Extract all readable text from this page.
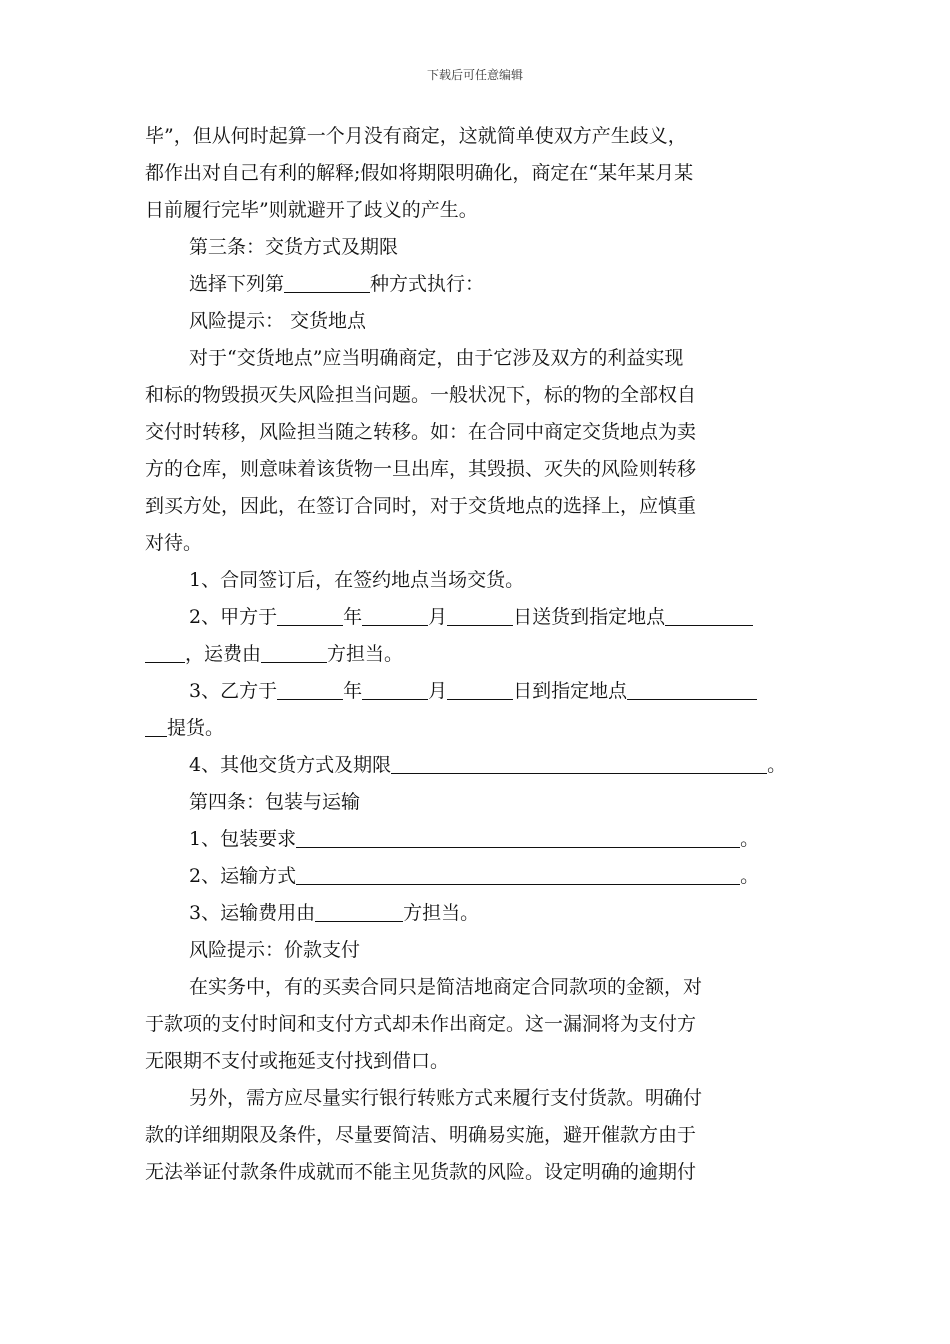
下载后可任意编辑

毕”，但从何时起算一个月没有商定，这就简单使双方产生歧义，

都作出对自己有利的解释;假如将期限明确化，商定在“某年某月某

日前履行完毕”则就避开了歧义的产生。

第三条：交货方式及期限

选择下列第	种方式执行：

风险提示： 交货地点

对于“交货地点”应当明确商定，由于它涉及双方的利益实现

和标的物毁损灭失风险担当问题。一般状况下，标的物的全部权自

交付时转移，风险担当随之转移。如：在合同中商定交货地点为卖

方的仓库，则意味着该货物一旦出库，其毁损、灭失的风险则转移

到买方处，因此，在签订合同时，对于交货地点的选择上，应慎重

对待。

1、合同签订后，在签约地点当场交货。

2、甲方于	年	月	日送货到指定地点

，运费由	方担当。

3、乙方于	年	月	日到指定地点

提货。

4、其他交货方式及期限	。

第四条：包装与运输

1、包装要求	。

2、运输方式	。

3、运输费用由	方担当。

风险提示：价款支付

在实务中，有的买卖合同只是简洁地商定合同款项的金额，对

于款项的支付时间和支付方式却未作出商定。这一漏洞将为支付方

无限期不支付或拖延支付找到借口。

另外，需方应尽量实行银行转账方式来履行支付货款。明确付

款的详细期限及条件，尽量要简洁、明确易实施，避开催款方由于

无法举证付款条件成就而不能主见货款的风险。设定明确的逾期付
